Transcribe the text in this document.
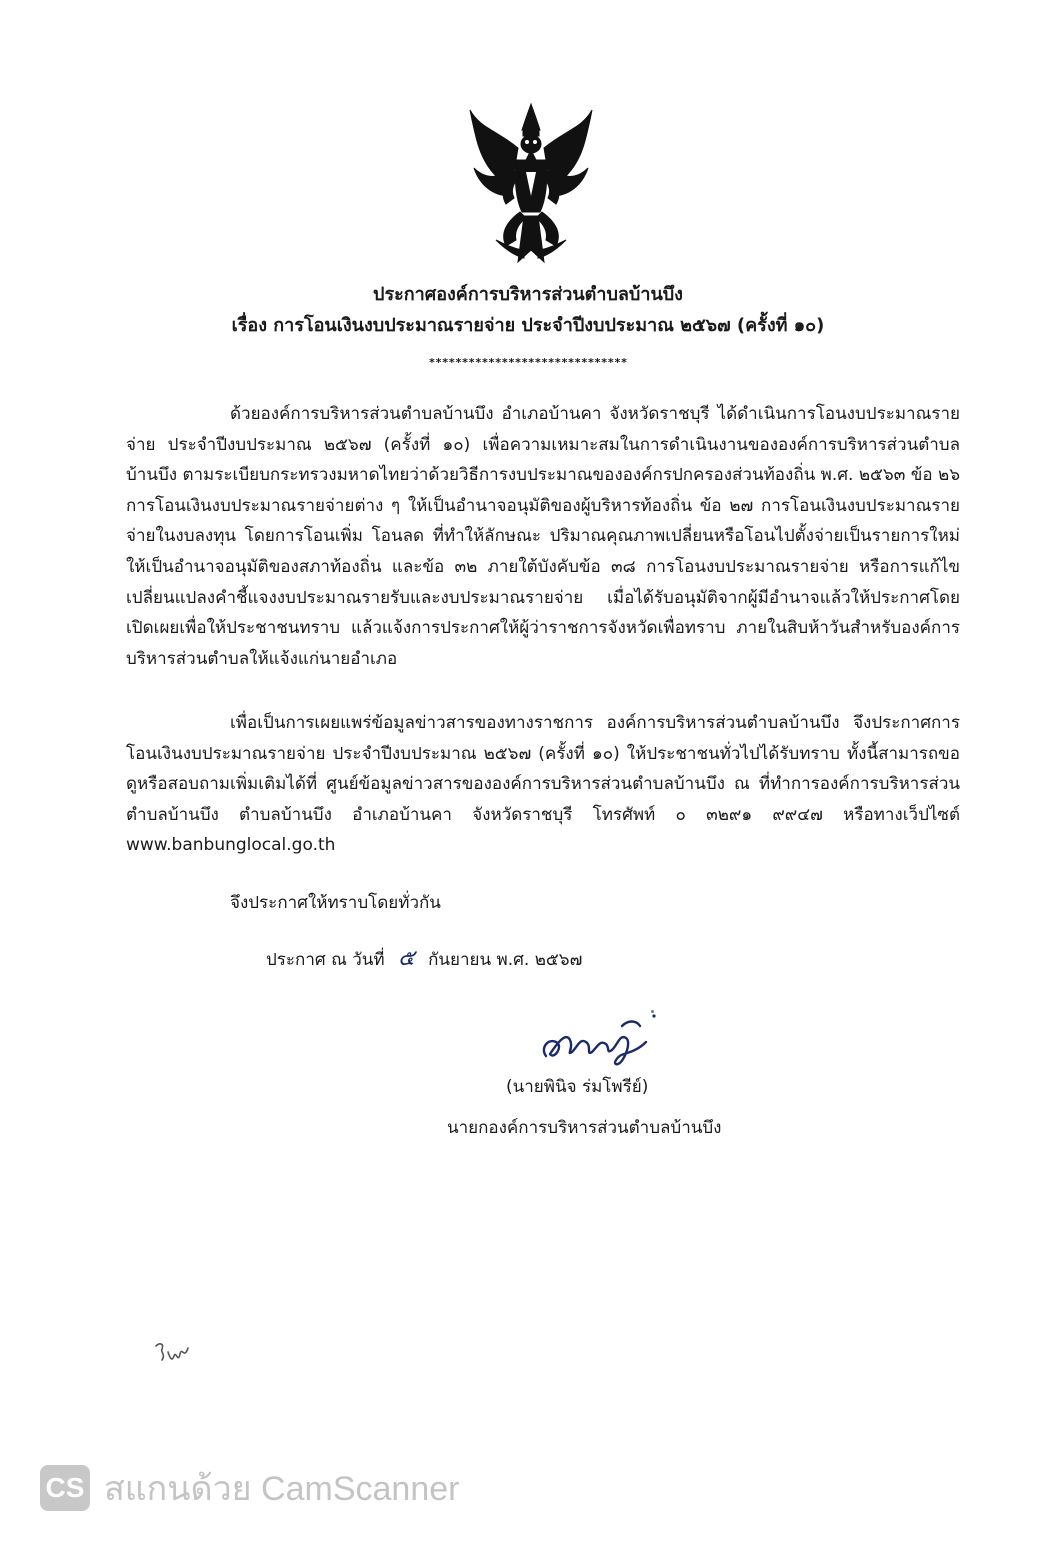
ประกาศองค์การบริหารส่วนตำบลบ้านบึง
เรื่อง การโอนเงินงบประมาณรายจ่าย ประจำปีงบประมาณ ๒๕๖๗ (ครั้งที่ ๑๐)
******************************

ด้วยองค์การบริหารส่วนตำบลบ้านบึง อำเภอบ้านคา จังหวัดราชบุรี ได้ดำเนินการโอนงบประมาณรายจ่าย ประจำปีงบประมาณ ๒๕๖๗ (ครั้งที่ ๑๐) เพื่อความเหมาะสมในการดำเนินงานขององค์การบริหารส่วนตำบลบ้านบึง ตามระเบียบกระทรวงมหาดไทยว่าด้วยวิธีการงบประมาณขององค์กรปกครองส่วนท้องถิ่น พ.ศ. ๒๕๖๓ ข้อ ๒๖ การโอนเงินงบประมาณรายจ่ายต่าง ๆ ให้เป็นอำนาจอนุมัติของผู้บริหารท้องถิ่น ข้อ ๒๗ การโอนเงินงบประมาณรายจ่ายในงบลงทุน โดยการโอนเพิ่ม โอนลด ที่ทำให้ลักษณะ ปริมาณคุณภาพเปลี่ยนหรือโอนไปตั้งจ่ายเป็นรายการใหม่ ให้เป็นอำนาจอนุมัติของสภาท้องถิ่น และข้อ ๓๒ ภายใต้บังคับข้อ ๓๘ การโอนงบประมาณรายจ่าย หรือการแก้ไขเปลี่ยนแปลงคำชี้แจงงบประมาณรายรับและงบประมาณรายจ่าย เมื่อได้รับอนุมัติจากผู้มีอำนาจแล้วให้ประกาศโดยเปิดเผยเพื่อให้ประชาชนทราบ แล้วแจ้งการประกาศให้ผู้ว่าราชการจังหวัดเพื่อทราบ ภายในสิบห้าวันสำหรับองค์การบริหารส่วนตำบลให้แจ้งแก่นายอำเภอ

เพื่อเป็นการเผยแพร่ข้อมูลข่าวสารของทางราชการ องค์การบริหารส่วนตำบลบ้านบึง จึงประกาศการโอนเงินงบประมาณรายจ่าย ประจำปีงบประมาณ ๒๕๖๗ (ครั้งที่ ๑๐) ให้ประชาชนทั่วไปได้รับทราบ ทั้งนี้สามารถขอดูหรือสอบถามเพิ่มเติมได้ที่ ศูนย์ข้อมูลข่าวสารขององค์การบริหารส่วนตำบลบ้านบึง ณ ที่ทำการองค์การบริหารส่วนตำบลบ้านบึง ตำบลบ้านบึง อำเภอบ้านคา จังหวัดราชบุรี โทรศัพท์ ๐ ๓๒๙๑ ๙๙๔๗ หรือทางเว็ปไซต์ www.banbunglocal.go.th

จึงประกาศให้ทราบโดยทั่วกัน
ประกาศ ณ วันที่ ๕ กันยายน พ.ศ. ๒๕๖๗
(นายพินิจ ร่มโพรีย์)
นายกองค์การบริหารส่วนตำบลบ้านบึง
CS สแกนด้วย CamScanner
